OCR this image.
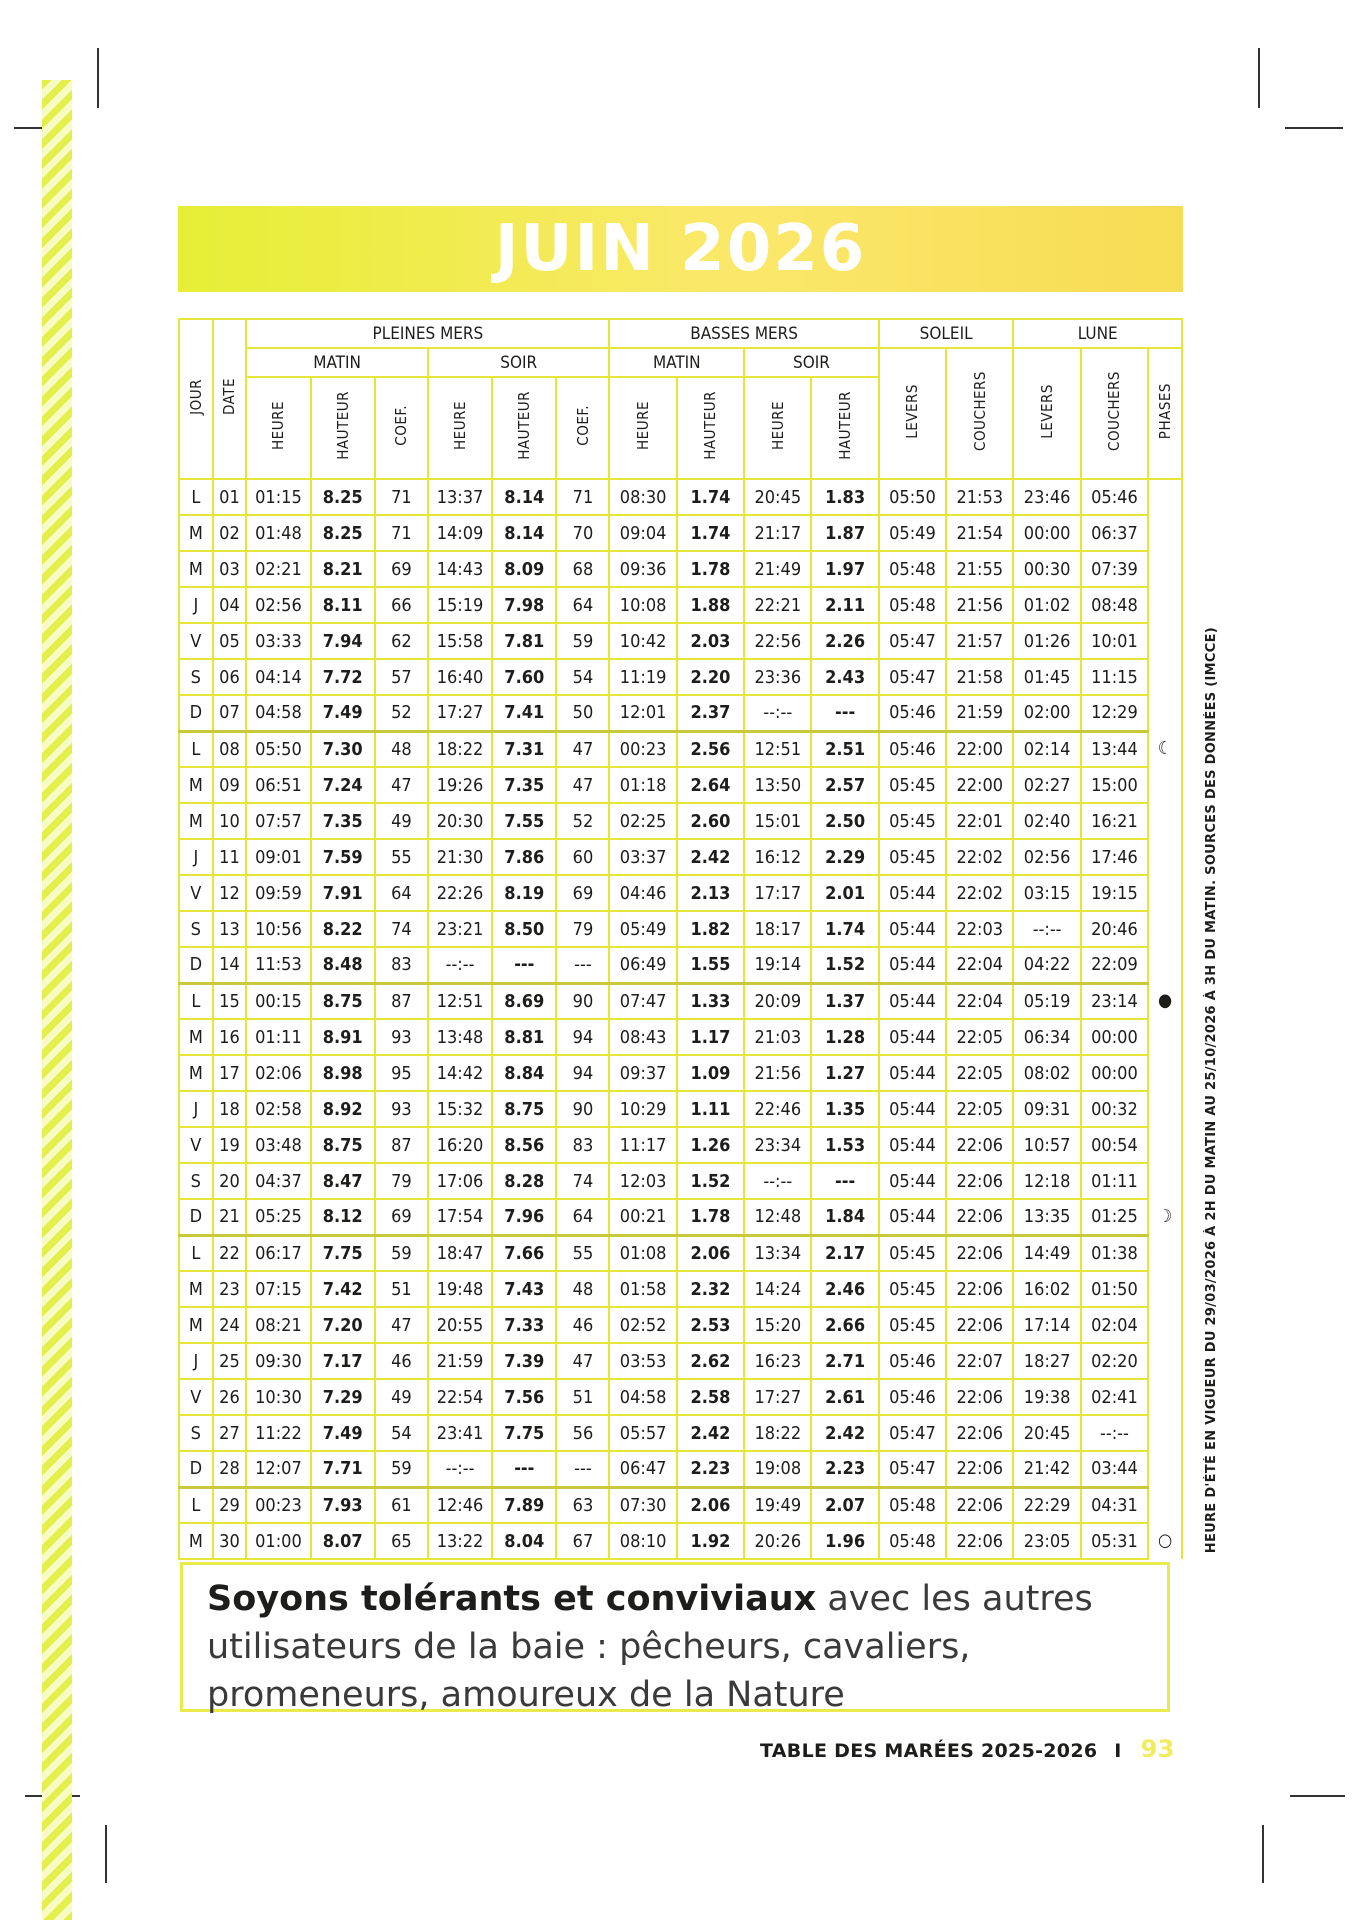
JUIN 2026
JOUR	DATE	PLEINES MERS						BASSES MERS				SOLEIL		LUNE		
		MATIN			SOIR			MATIN		SOIR		LEVERS	COUCHERS	LEVERS	COUCHERS	PHASES
		HEURE	HAUTEUR	COEF.	HEURE	HAUTEUR	COEF.	HEURE	HAUTEUR	HEURE	HAUTEUR					
L	01	01:15	8.25	71	13:37	8.14	71	08:30	1.74	20:45	1.83	05:50	21:53	23:46	05:46	
M	02	01:48	8.25	71	14:09	8.14	70	09:04	1.74	21:17	1.87	05:49	21:54	00:00	06:37	
M	03	02:21	8.21	69	14:43	8.09	68	09:36	1.78	21:49	1.97	05:48	21:55	00:30	07:39	
J	04	02:56	8.11	66	15:19	7.98	64	10:08	1.88	22:21	2.11	05:48	21:56	01:02	08:48	
V	05	03:33	7.94	62	15:58	7.81	59	10:42	2.03	22:56	2.26	05:47	21:57	01:26	10:01	
S	06	04:14	7.72	57	16:40	7.60	54	11:19	2.20	23:36	2.43	05:47	21:58	01:45	11:15	
D	07	04:58	7.49	52	17:27	7.41	50	12:01	2.37	--:--	---	05:46	21:59	02:00	12:29	
L	08	05:50	7.30	48	18:22	7.31	47	00:23	2.56	12:51	2.51	05:46	22:00	02:14	13:44	☾
M	09	06:51	7.24	47	19:26	7.35	47	01:18	2.64	13:50	2.57	05:45	22:00	02:27	15:00	
M	10	07:57	7.35	49	20:30	7.55	52	02:25	2.60	15:01	2.50	05:45	22:01	02:40	16:21	
J	11	09:01	7.59	55	21:30	7.86	60	03:37	2.42	16:12	2.29	05:45	22:02	02:56	17:46	
V	12	09:59	7.91	64	22:26	8.19	69	04:46	2.13	17:17	2.01	05:44	22:02	03:15	19:15	
S	13	10:56	8.22	74	23:21	8.50	79	05:49	1.82	18:17	1.74	05:44	22:03	--:--	20:46	
D	14	11:53	8.48	83	--:--	---	---	06:49	1.55	19:14	1.52	05:44	22:04	04:22	22:09	
L	15	00:15	8.75	87	12:51	8.69	90	07:47	1.33	20:09	1.37	05:44	22:04	05:19	23:14	●
M	16	01:11	8.91	93	13:48	8.81	94	08:43	1.17	21:03	1.28	05:44	22:05	06:34	00:00	
M	17	02:06	8.98	95	14:42	8.84	94	09:37	1.09	21:56	1.27	05:44	22:05	08:02	00:00	
J	18	02:58	8.92	93	15:32	8.75	90	10:29	1.11	22:46	1.35	05:44	22:05	09:31	00:32	
V	19	03:48	8.75	87	16:20	8.56	83	11:17	1.26	23:34	1.53	05:44	22:06	10:57	00:54	
S	20	04:37	8.47	79	17:06	8.28	74	12:03	1.52	--:--	---	05:44	22:06	12:18	01:11	
D	21	05:25	8.12	69	17:54	7.96	64	00:21	1.78	12:48	1.84	05:44	22:06	13:35	01:25	☽
L	22	06:17	7.75	59	18:47	7.66	55	01:08	2.06	13:34	2.17	05:45	22:06	14:49	01:38	
M	23	07:15	7.42	51	19:48	7.43	48	01:58	2.32	14:24	2.46	05:45	22:06	16:02	01:50	
M	24	08:21	7.20	47	20:55	7.33	46	02:52	2.53	15:20	2.66	05:45	22:06	17:14	02:04	
J	25	09:30	7.17	46	21:59	7.39	47	03:53	2.62	16:23	2.71	05:46	22:07	18:27	02:20	
V	26	10:30	7.29	49	22:54	7.56	51	04:58	2.58	17:27	2.61	05:46	22:06	19:38	02:41	
S	27	11:22	7.49	54	23:41	7.75	56	05:57	2.42	18:22	2.42	05:47	22:06	20:45	--:--	
D	28	12:07	7.71	59	--:--	---	---	06:47	2.23	19:08	2.23	05:47	22:06	21:42	03:44	
L	29	00:23	7.93	61	12:46	7.89	63	07:30	2.06	19:49	2.07	05:48	22:06	22:29	04:31	
M	30	01:00	8.07	65	13:22	8.04	67	08:10	1.92	20:26	1.96	05:48	22:06	23:05	05:31	○ HEURE D'ÉTÉ EN VIGUEUR DU 29/03/2026 À 2H DU MATIN AU 25/10/2026 À 3H DU MATIN. SOURCES DES DONNÉES (IMCCE)
Soyons tolérants et conviviaux avec les autres utilisateurs de la baie : pêcheurs, cavaliers, promeneurs, amoureux de la Nature
TABLE DES MARÉES 2025-2026 I 93
